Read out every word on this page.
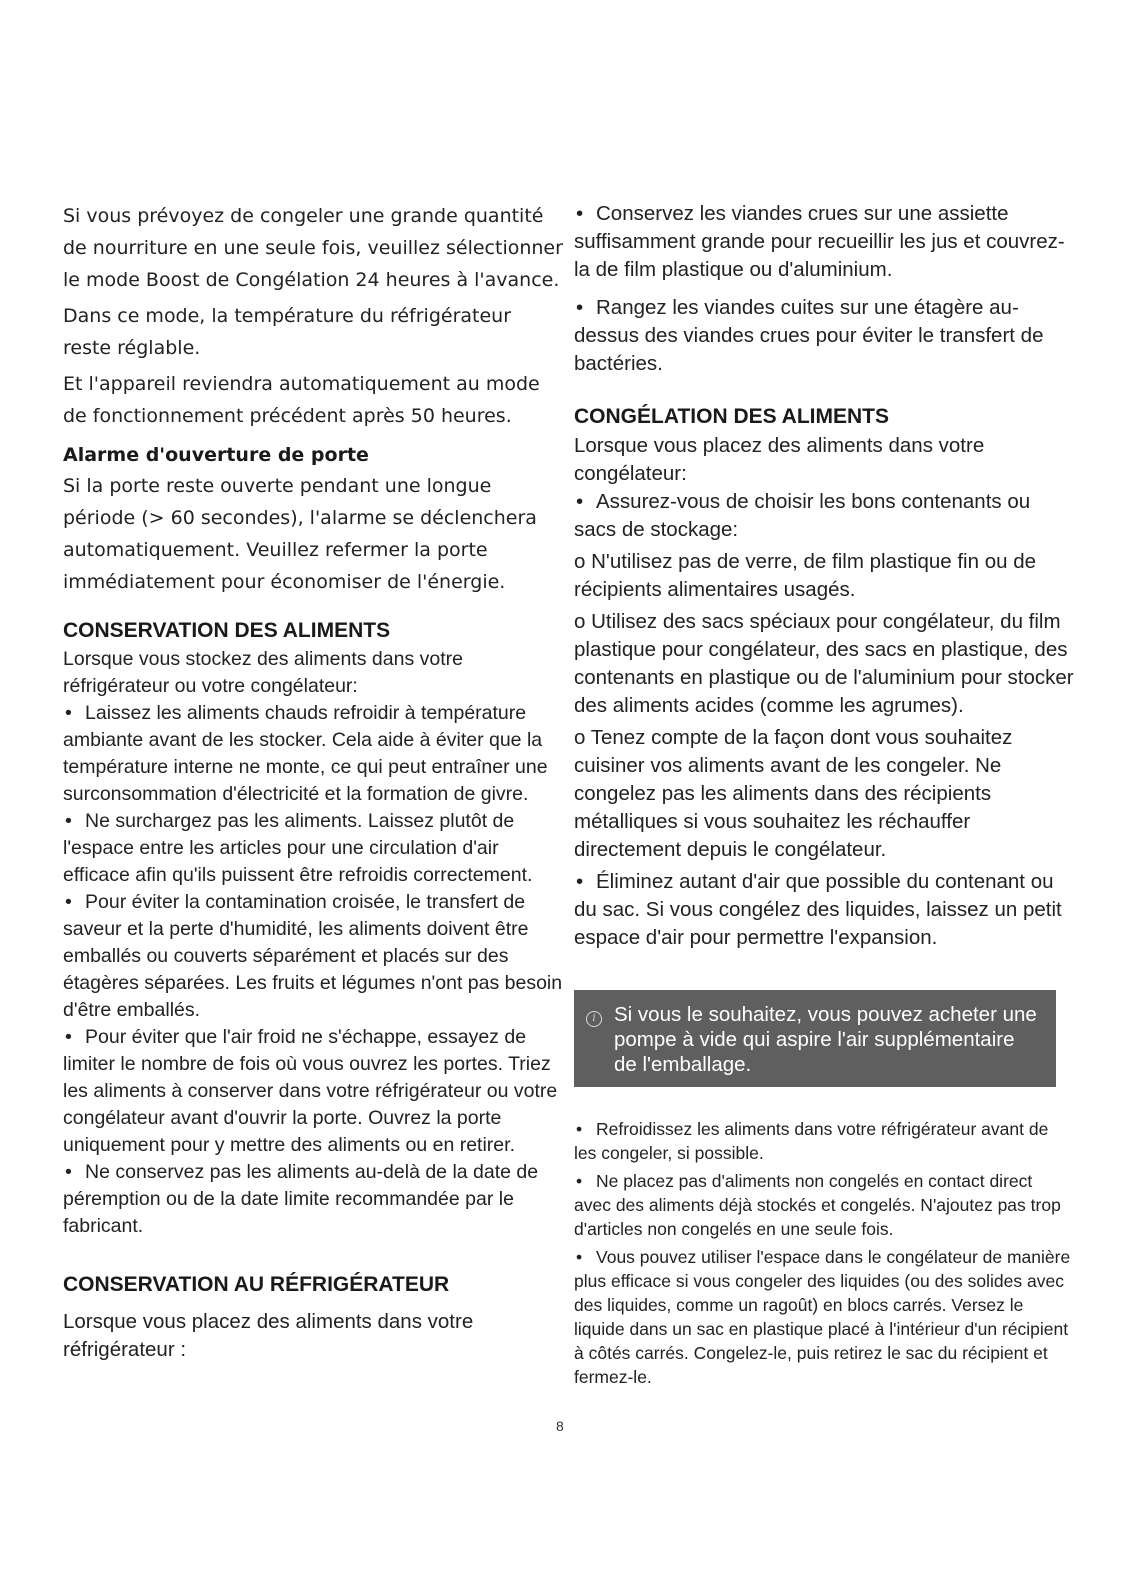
Si vous prévoyez de congeler une grande quantité de nourriture en une seule fois, veuillez sélectionner le mode Boost de Congélation 24 heures à l'avance.

Dans ce mode, la température du réfrigérateur reste réglable.

Et l'appareil reviendra automatiquement au mode de fonctionnement précédent après 50 heures.

Alarme d'ouverture de porte

Si la porte reste ouverte pendant une longue période (> 60 secondes), l'alarme se déclenchera automatiquement. Veuillez refermer la porte immédiatement pour économiser de l'énergie.

CONSERVATION DES ALIMENTS

Lorsque vous stockez des aliments dans votre réfrigérateur ou votre congélateur:

• Laissez les aliments chauds refroidir à température ambiante avant de les stocker. Cela aide à éviter que la température interne ne monte, ce qui peut entraîner une surconsommation d'électricité et la formation de givre.

• Ne surchargez pas les aliments. Laissez plutôt de l'espace entre les articles pour une circulation d'air efficace afin qu'ils puissent être refroidis correctement.

• Pour éviter la contamination croisée, le transfert de saveur et la perte d'humidité, les aliments doivent être emballés ou couverts séparément et placés sur des étagères séparées. Les fruits et légumes n'ont pas besoin d'être emballés.

• Pour éviter que l'air froid ne s'échappe, essayez de limiter le nombre de fois où vous ouvrez les portes. Triez les aliments à conserver dans votre réfrigérateur ou votre congélateur avant d'ouvrir la porte. Ouvrez la porte uniquement pour y mettre des aliments ou en retirer.

• Ne conservez pas les aliments au-delà de la date de péremption ou de la date limite recommandée par le fabricant.

CONSERVATION AU RÉFRIGÉRATEUR

Lorsque vous placez des aliments dans votre réfrigérateur :

• Conservez les viandes crues sur une assiette suffisamment grande pour recueillir les jus et couvrez-la de film plastique ou d'aluminium.

• Rangez les viandes cuites sur une étagère au-dessus des viandes crues pour éviter le transfert de bactéries.

CONGÉLATION DES ALIMENTS

Lorsque vous placez des aliments dans votre congélateur:

• Assurez-vous de choisir les bons contenants ou sacs de stockage:

o N'utilisez pas de verre, de film plastique fin ou de récipients alimentaires usagés.

o Utilisez des sacs spéciaux pour congélateur, du film plastique pour congélateur, des sacs en plastique, des contenants en plastique ou de l'aluminium pour stocker des aliments acides (comme les agrumes).

o Tenez compte de la façon dont vous souhaitez cuisiner vos aliments avant de les congeler. Ne congelez pas les aliments dans des récipients métalliques si vous souhaitez les réchauffer directement depuis le congélateur.

• Éliminez autant d'air que possible du contenant ou du sac. Si vous congélez des liquides, laissez un petit espace d'air pour permettre l'expansion.

i Si vous le souhaitez, vous pouvez acheter une pompe à vide qui aspire l'air supplémentaire de l'emballage.

• Refroidissez les aliments dans votre réfrigérateur avant de les congeler, si possible.

• Ne placez pas d'aliments non congelés en contact direct avec des aliments déjà stockés et congelés. N'ajoutez pas trop d'articles non congelés en une seule fois.

• Vous pouvez utiliser l'espace dans le congélateur de manière plus efficace si vous congeler des liquides (ou des solides avec des liquides, comme un ragoût) en blocs carrés. Versez le liquide dans un sac en plastique placé à l'intérieur d'un récipient à côtés carrés. Congelez-le, puis retirez le sac du récipient et fermez-le.

8
